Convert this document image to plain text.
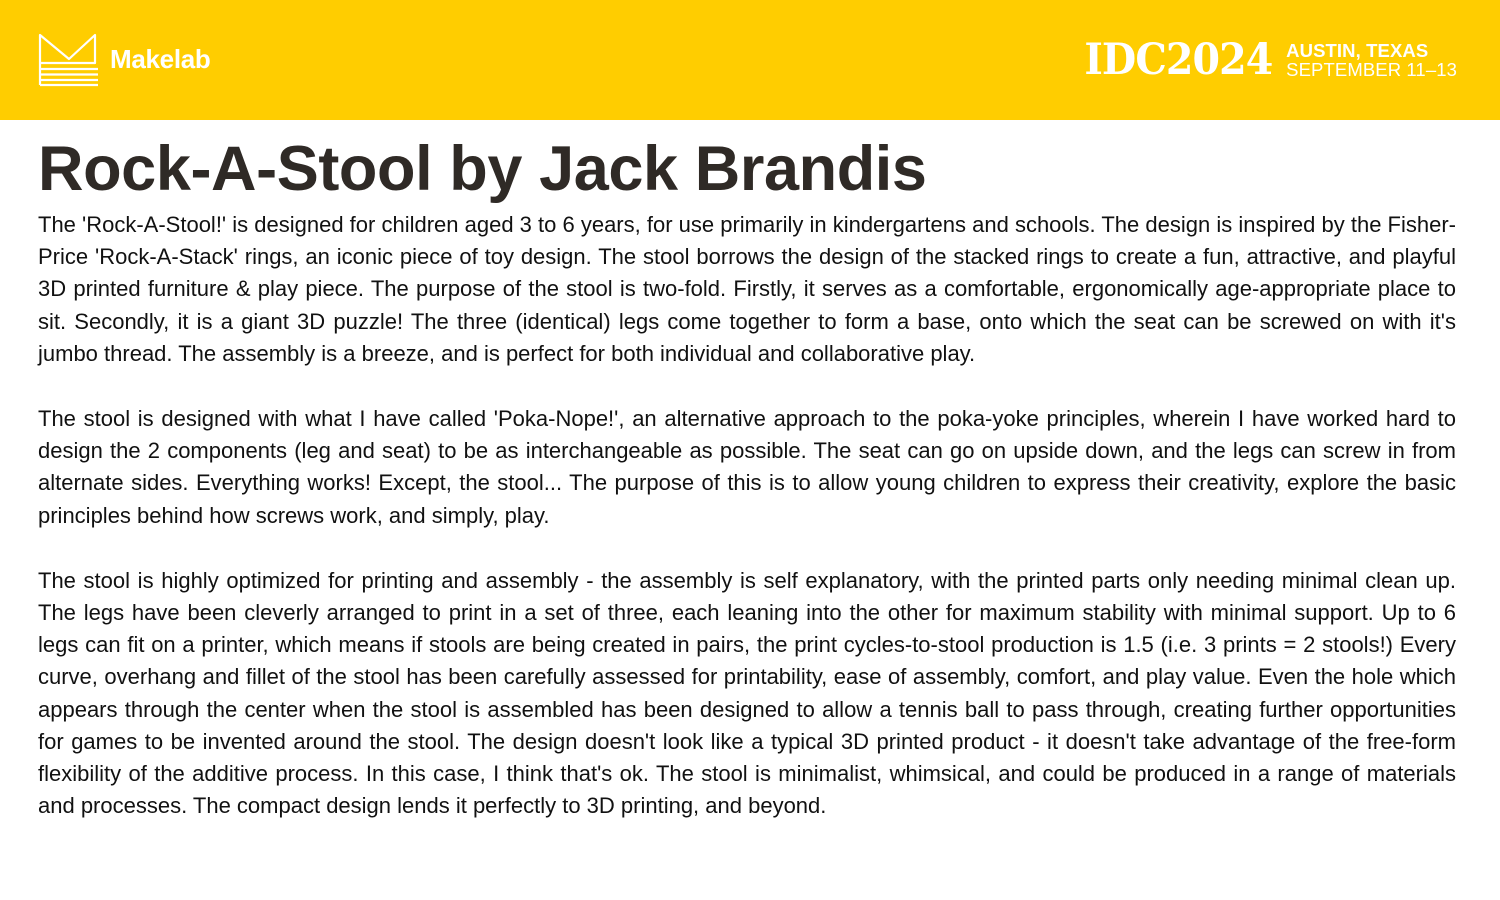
Makelab	IDC2024 AUSTIN, TEXAS
SEPTEMBER 11–13
Rock-A-Stool by Jack Brandis

The 'Rock-A-Stool!' is designed for children aged 3 to 6 years, for use primarily in kindergartens and schools. The design is inspired by the Fisher-Price 'Rock-A-Stack' rings, an iconic piece of toy design. The stool borrows the design of the stacked rings to create a fun, attractive, and playful 3D printed furniture & play piece. The purpose of the stool is two-fold. Firstly, it serves as a comfortable, ergonomically age-appropriate place to sit. Secondly, it is a giant 3D puzzle! The three (identical) legs come together to form a base, onto which the seat can be screwed on with it's jumbo thread. The assembly is a breeze, and is perfect for both individual and collaborative play.

The stool is designed with what I have called 'Poka-Nope!', an alternative approach to the poka-yoke principles, wherein I have worked hard to design the 2 components (leg and seat) to be as interchangeable as possible. The seat can go on upside down, and the legs can screw in from alternate sides. Everything works! Except, the stool... The purpose of this is to allow young children to express their creativity, explore the basic principles behind how screws work, and simply, play.

The stool is highly optimized for printing and assembly - the assembly is self explanatory, with the printed parts only needing minimal clean up. The legs have been cleverly arranged to print in a set of three, each leaning into the other for maximum stability with minimal support. Up to 6 legs can fit on a printer, which means if stools are being created in pairs, the print cycles-to-stool production is 1.5 (i.e. 3 prints = 2 stools!) Every curve, overhang and fillet of the stool has been carefully assessed for printability, ease of assembly, comfort, and play value. Even the hole which appears through the center when the stool is assembled has been designed to allow a tennis ball to pass through, creating further opportunities for games to be invented around the stool. The design doesn't look like a typical 3D printed product - it doesn't take advantage of the free-form flexibility of the additive process. In this case, I think that's ok. The stool is minimalist, whimsical, and could be produced in a range of materials and processes. The compact design lends it perfectly to 3D printing, and beyond.
